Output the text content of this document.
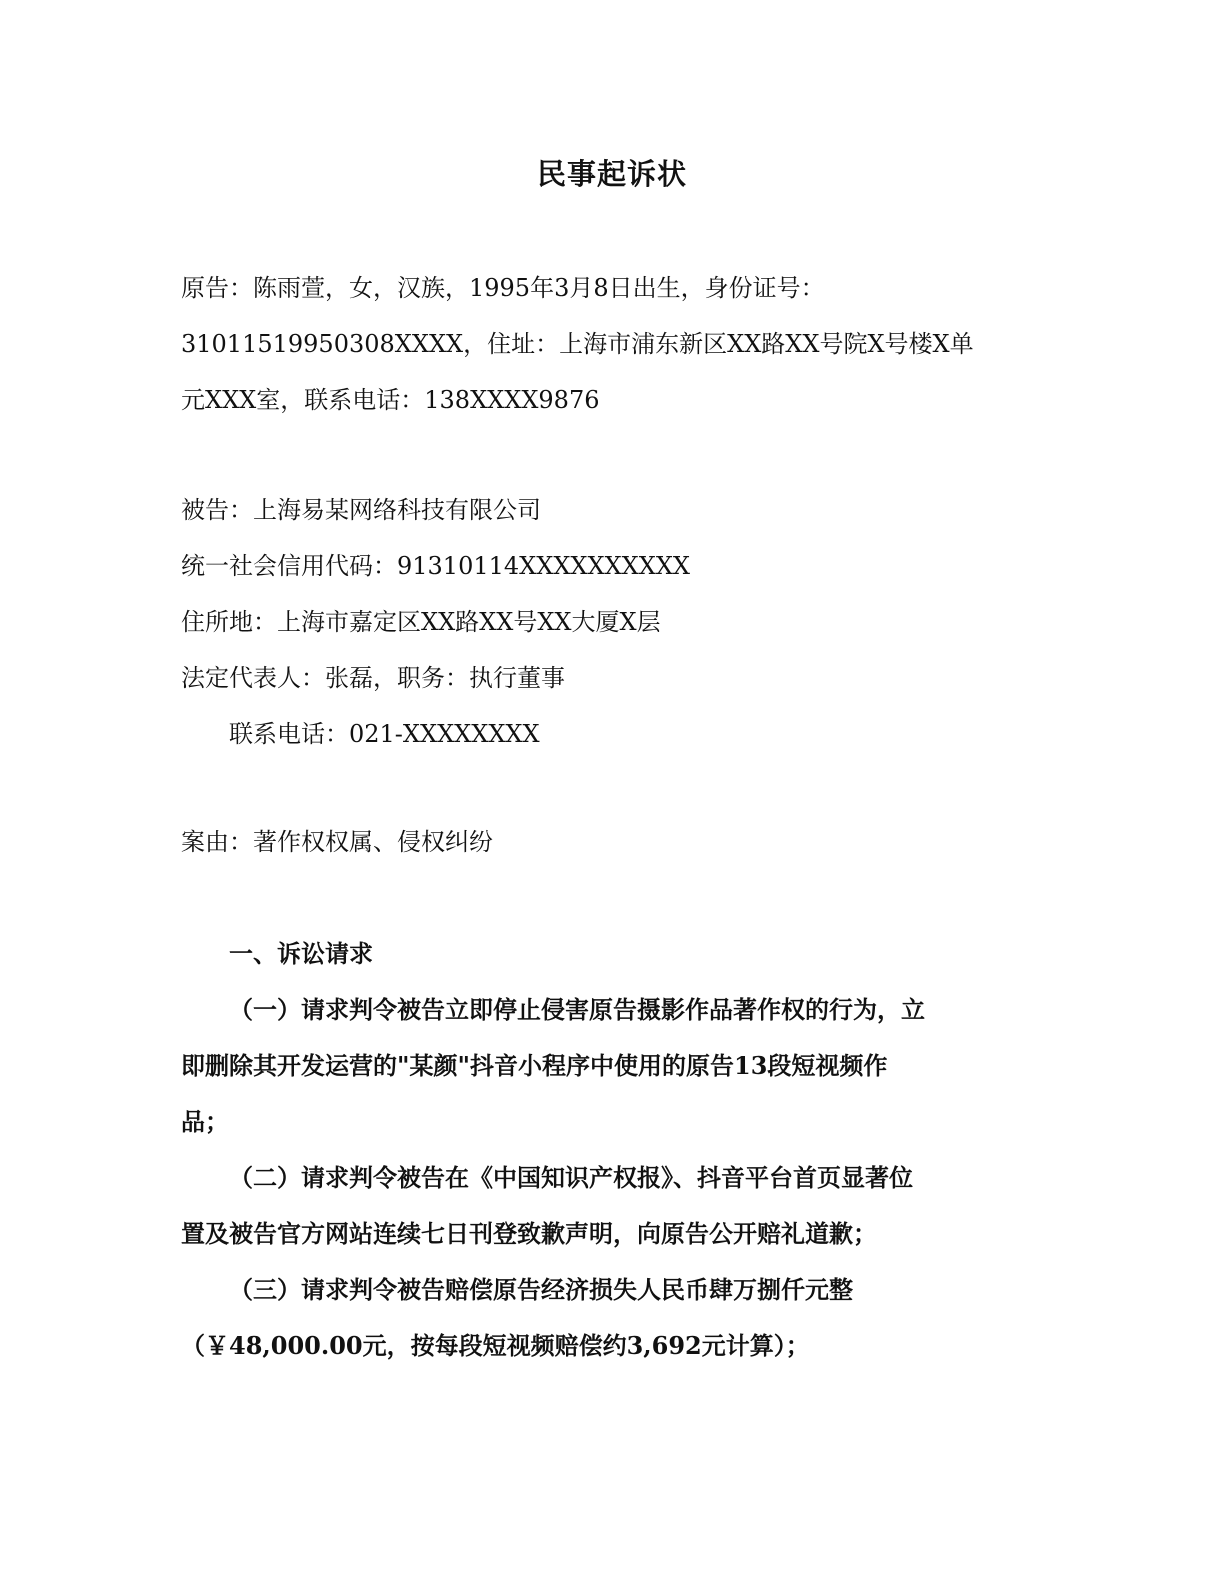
民事起诉状

原告：陈雨萱，女，汉族，1995年3月8日出生，身份证号：

31011519950308XXXX，住址：上海市浦东新区XX路XX号院X号楼X单

元XXX室，联系电话：138XXXX9876

被告：上海易某网络科技有限公司

统一社会信用代码：91310114XXXXXXXXXX

住所地：上海市嘉定区XX路XX号XX大厦X层

法定代表人：张磊，职务：执行董事

联系电话：021-XXXXXXXX

案由：著作权权属、侵权纠纷

一、诉讼请求

（一）请求判令被告立即停止侵害原告摄影作品著作权的行为，立

即删除其开发运营的"某颜"抖音小程序中使用的原告13段短视频作

品；

（二）请求判令被告在《中国知识产权报》、抖音平台首页显著位

置及被告官方网站连续七日刊登致歉声明，向原告公开赔礼道歉；

（三）请求判令被告赔偿原告经济损失人民币肆万捌仟元整

（￥48,000.00元，按每段短视频赔偿约3,692元计算）；
